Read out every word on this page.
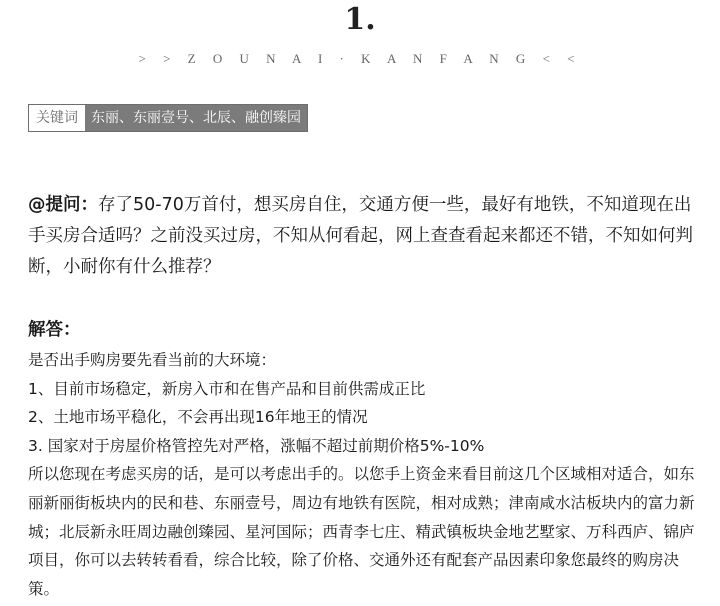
1.
> > Z O U N A I · K A N F A N G < <
关键词 东丽、东丽壹号、北辰、融创臻园
@提问：存了50-70万首付，想买房自住，交通方便一些，最好有地铁，不知道现在出手买房合适吗？之前没买过房，不知从何看起，网上查查看起来都还不错，不知如何判断，小耐你有什么推荐？
解答：

是否出手购房要先看当前的大环境：

1、目前市场稳定，新房入市和在售产品和目前供需成正比

2、土地市场平稳化，不会再出现16年地王的情况

3. 国家对于房屋价格管控先对严格，涨幅不超过前期价格5%-10%

所以您现在考虑买房的话，是可以考虑出手的。以您手上资金来看目前这几个区域相对适合，如东丽新丽街板块内的民和巷、东丽壹号，周边有地铁有医院，相对成熟；津南咸水沽板块内的富力新城；北辰新永旺周边融创臻园、星河国际；西青李七庄、精武镇板块金地艺墅家、万科西庐、锦庐项目，你可以去转转看看，综合比较，除了价格、交通外还有配套产品因素印象您最终的购房决策。
